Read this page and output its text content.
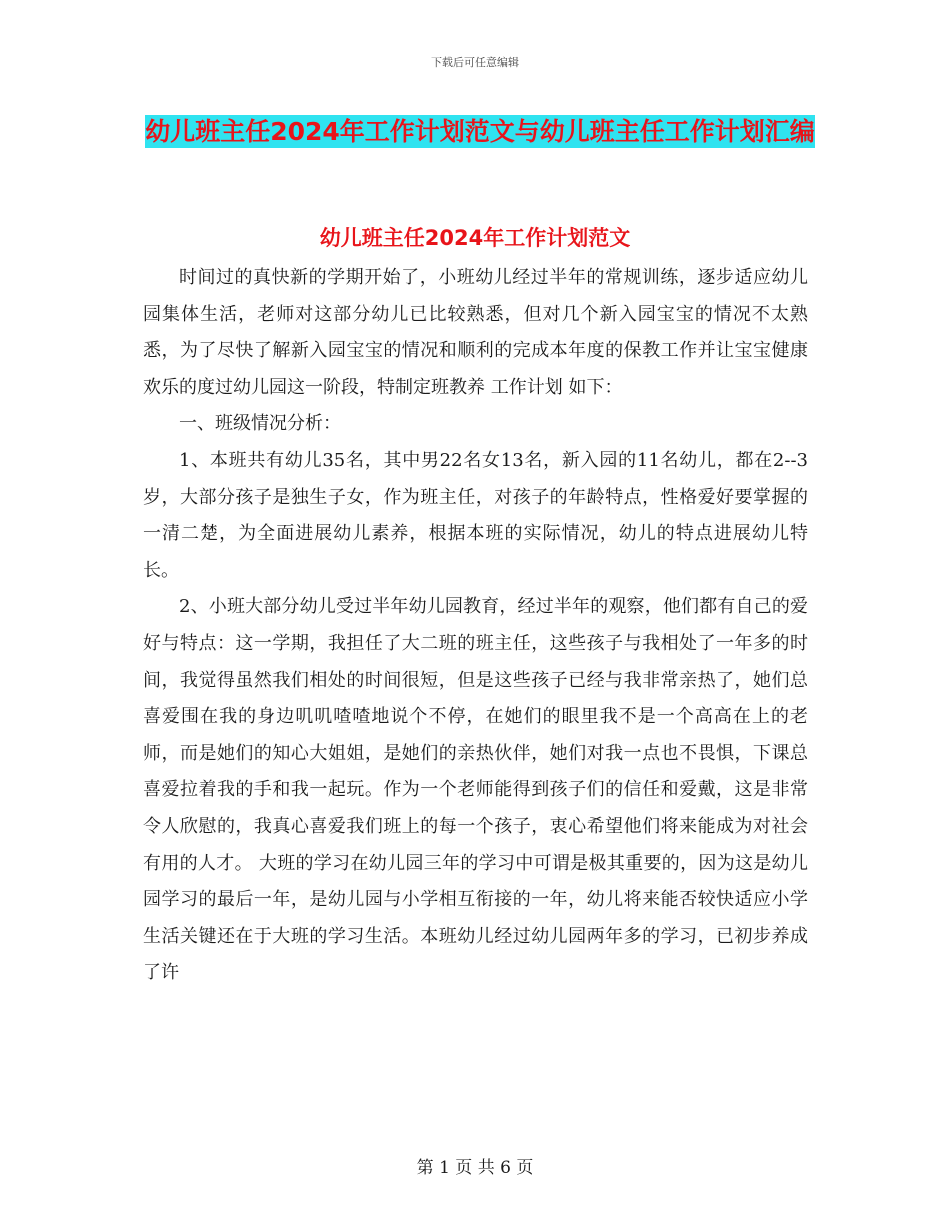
下载后可任意编辑
幼儿班主任2024年工作计划范文与幼儿班主任工作计划汇编
幼儿班主任2024年工作计划范文

时间过的真快新的学期开始了，小班幼儿经过半年的常规训练，逐步适应幼儿园集体生活，老师对这部分幼儿已比较熟悉，但对几个新入园宝宝的情况不太熟悉，为了尽快了解新入园宝宝的情况和顺利的完成本年度的保教工作并让宝宝健康欢乐的度过幼儿园这一阶段，特制定班教养 工作计划 如下：

一、班级情况分析：

1、本班共有幼儿35名，其中男22名女13名，新入园的11名幼儿，都在2--3岁，大部分孩子是独生子女，作为班主任，对孩子的年龄特点，性格爱好要掌握的一清二楚，为全面进展幼儿素养，根据本班的实际情况，幼儿的特点进展幼儿特长。

2、小班大部分幼儿受过半年幼儿园教育，经过半年的观察，他们都有自己的爱好与特点：这一学期，我担任了大二班的班主任，这些孩子与我相处了一年多的时间，我觉得虽然我们相处的时间很短，但是这些孩子已经与我非常亲热了，她们总喜爱围在我的身边叽叽喳喳地说个不停，在她们的眼里我不是一个高高在上的老师，而是她们的知心大姐姐，是她们的亲热伙伴，她们对我一点也不畏惧，下课总喜爱拉着我的手和我一起玩。作为一个老师能得到孩子们的信任和爱戴，这是非常令人欣慰的，我真心喜爱我们班上的每一个孩子，衷心希望他们将来能成为对社会有用的人才。 大班的学习在幼儿园三年的学习中可谓是极其重要的，因为这是幼儿园学习的最后一年，是幼儿园与小学相互衔接的一年，幼儿将来能否较快适应小学生活关键还在于大班的学习生活。本班幼儿经过幼儿园两年多的学习，已初步养成了许

第 1 页 共 6 页
